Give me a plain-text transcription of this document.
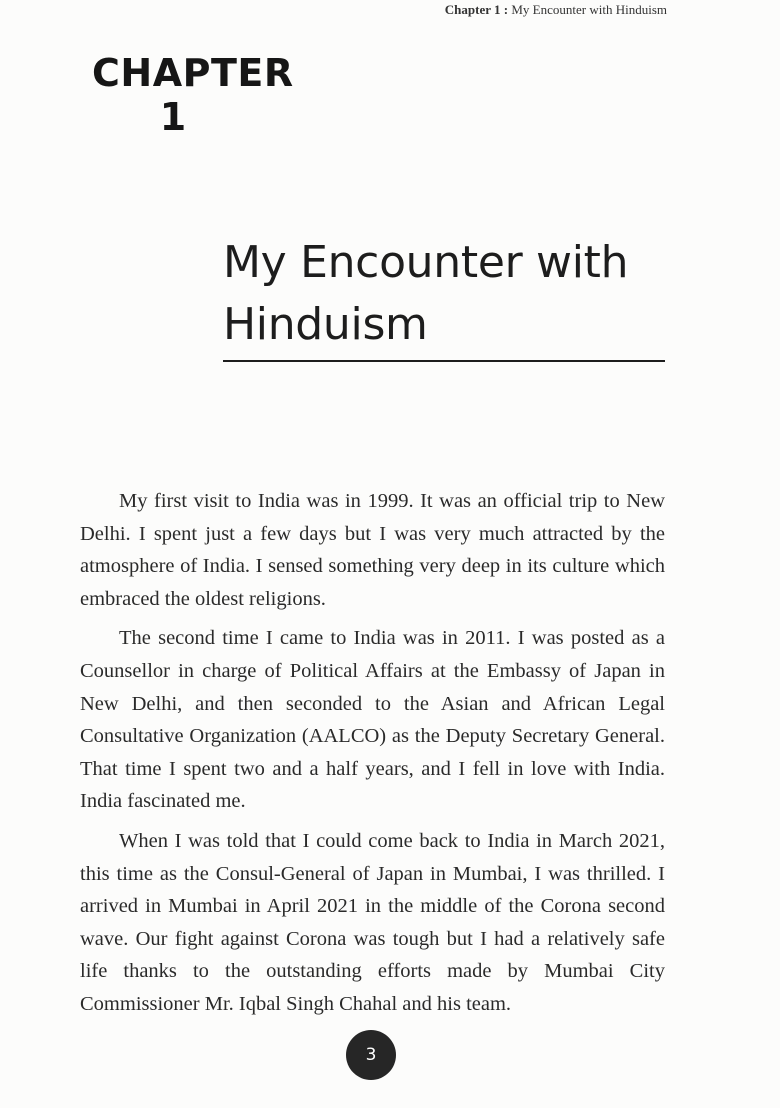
Chapter 1 : My Encounter with Hinduism
CHAPTER
1
My Encounter with
Hinduism

My first visit to India was in 1999. It was an official trip to New Delhi. I spent just a few days but I was very much attracted by the atmosphere of India. I sensed something very deep in its culture which embraced the oldest religions.

The second time I came to India was in 2011. I was posted as a Counsellor in charge of Political Affairs at the Embassy of Japan in New Delhi, and then seconded to the Asian and African Legal Consultative Organization (AALCO) as the Deputy Secretary General. That time I spent two and a half years, and I fell in love with India. India fascinated me.

When I was told that I could come back to India in March 2021, this time as the Consul-General of Japan in Mumbai, I was thrilled. I arrived in Mumbai in April 2021 in the middle of the Corona second wave. Our fight against Corona was tough but I had a relatively safe life thanks to the outstanding efforts made by Mumbai City Commissioner Mr. Iqbal Singh Chahal and his team.

3
